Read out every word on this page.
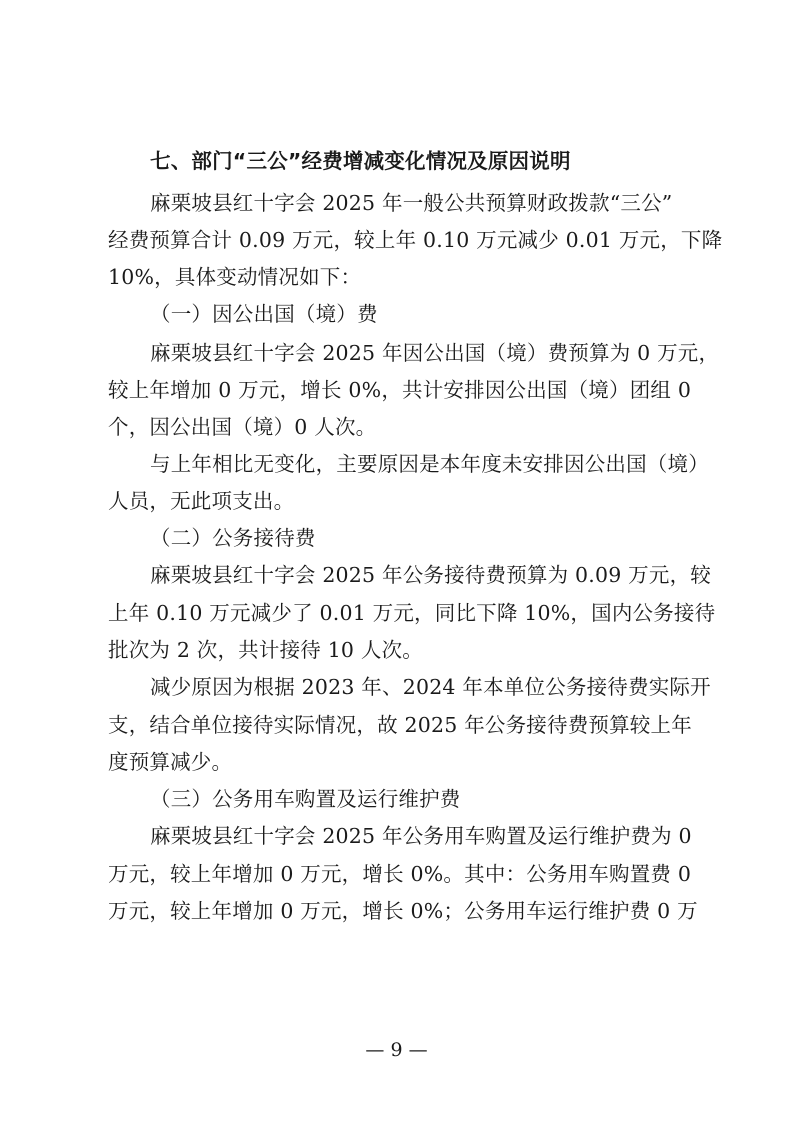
七、部门“三公”经费增减变化情况及原因说明
麻栗坡县红十字会 2025 年一般公共预算财政拨款“三公”
经费预算合计 0.09 万元，较上年 0.10 万元减少 0.01 万元，下降
10%，具体变动情况如下：
（一）因公出国（境）费
麻栗坡县红十字会 2025 年因公出国（境）费预算为 0 万元，
较上年增加 0 万元，增长 0%，共计安排因公出国（境）团组 0
个，因公出国（境）0 人次。
与上年相比无变化，主要原因是本年度未安排因公出国（境）
人员，无此项支出。
（二）公务接待费
麻栗坡县红十字会 2025 年公务接待费预算为 0.09 万元，较
上年 0.10 万元减少了 0.01 万元，同比下降 10%，国内公务接待
批次为 2 次，共计接待 10 人次。
减少原因为根据 2023 年、2024 年本单位公务接待费实际开
支，结合单位接待实际情况，故 2025 年公务接待费预算较上年
度预算减少。
（三）公务用车购置及运行维护费
麻栗坡县红十字会 2025 年公务用车购置及运行维护费为 0
万元，较上年增加 0 万元，增长 0%。其中：公务用车购置费 0
万元，较上年增加 0 万元，增长 0%；公务用车运行维护费 0 万
— 9 —
